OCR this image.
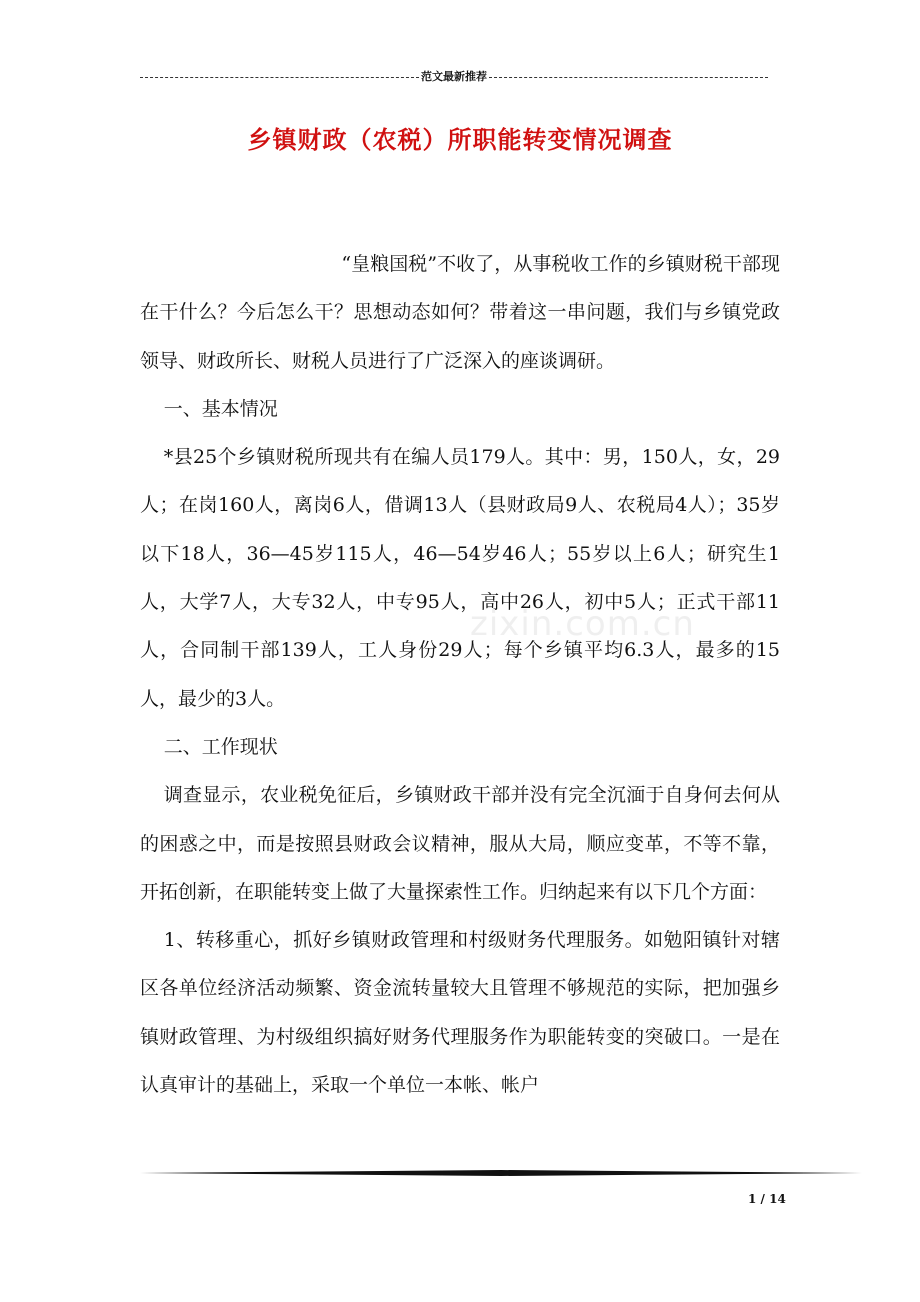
范文最新推荐
乡镇财政（农税）所职能转变情况调查
zixin.com.cn

“皇粮国税”不收了，从事税收工作的乡镇财税干部现在干什么？今后怎么干？思想动态如何？带着这一串问题，我们与乡镇党政领导、财政所长、财税人员进行了广泛深入的座谈调研。

一、基本情况

*县25个乡镇财税所现共有在编人员179人。其中：男，150人，女，29人；在岗160人，离岗6人，借调13人（县财政局9人、农税局4人）；35岁以下18人，36—45岁115人，46—54岁46人；55岁以上6人；研究生1人，大学7人，大专32人，中专95人，高中26人，初中5人；正式干部11人，合同制干部139人，工人身份29人；每个乡镇平均6.3人，最多的15人，最少的3人。

二、工作现状

调查显示，农业税免征后，乡镇财政干部并没有完全沉湎于自身何去何从的困惑之中，而是按照县财政会议精神，服从大局，顺应变革，不等不靠，开拓创新，在职能转变上做了大量探索性工作。归纳起来有以下几个方面：

1、转移重心，抓好乡镇财政管理和村级财务代理服务。如勉阳镇针对辖区各单位经济活动频繁、资金流转量较大且管理不够规范的实际，把加强乡镇财政管理、为村级组织搞好财务代理服务作为职能转变的突破口。一是在认真审计的基础上，采取一个单位一本帐、帐户

1 / 14
